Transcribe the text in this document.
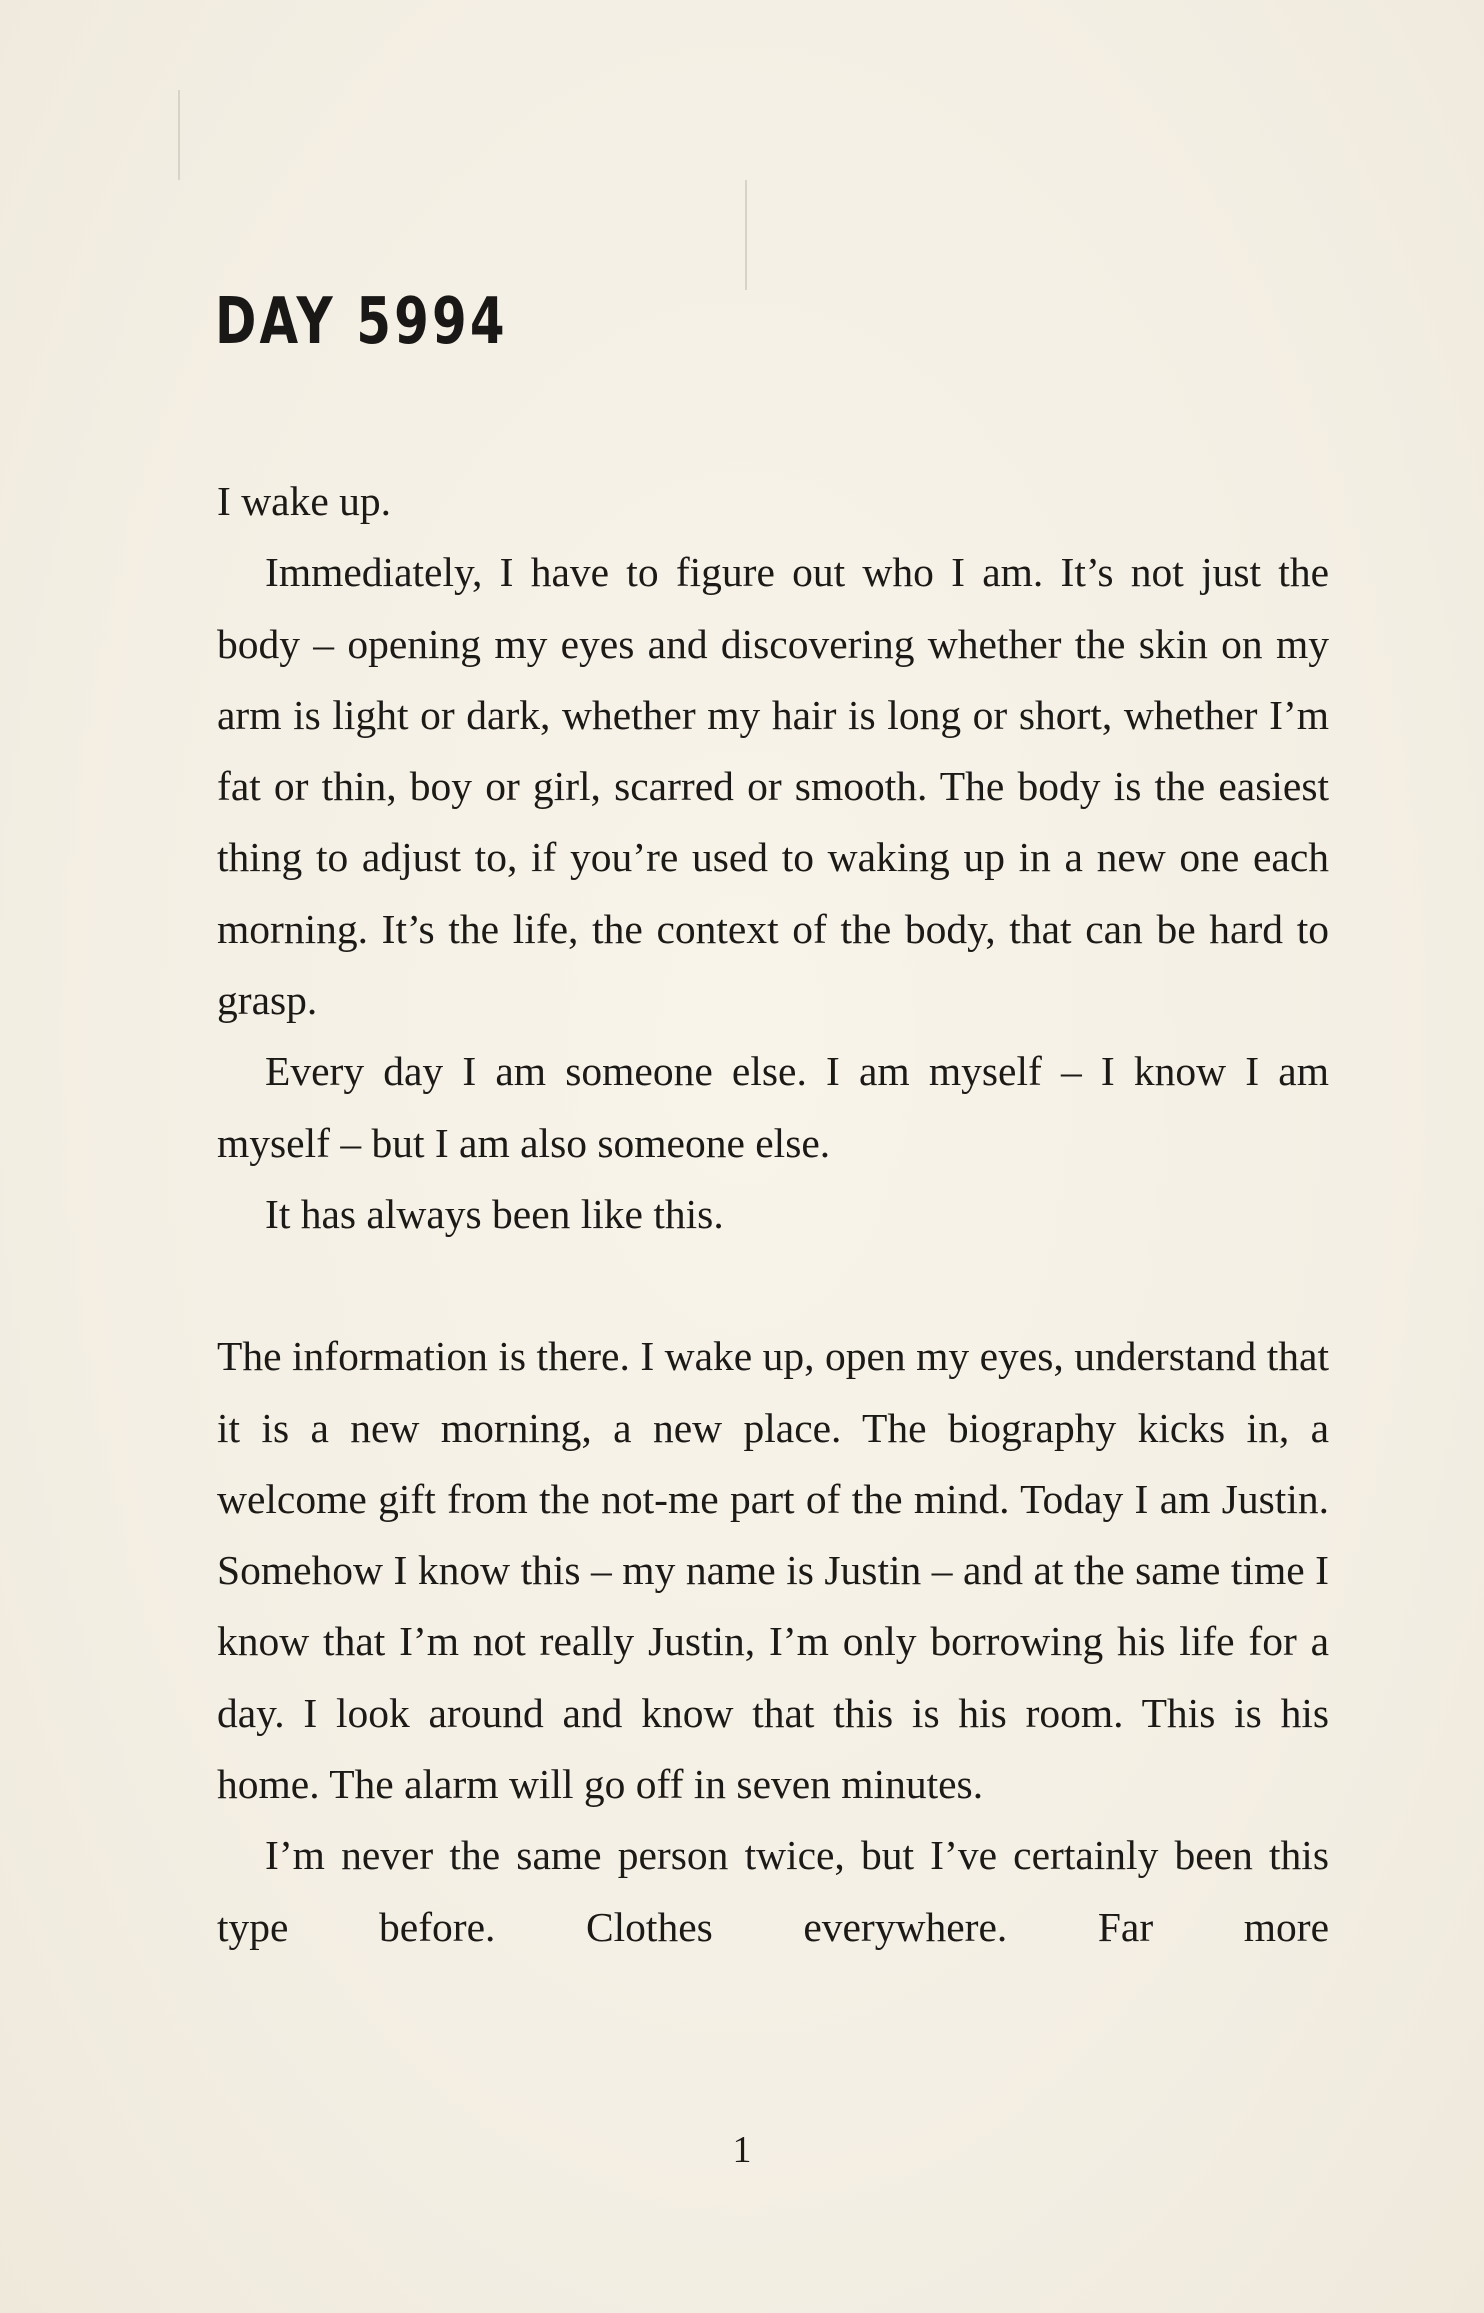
DAY 5994

I wake up.

Immediately, I have to figure out who I am. It’s not just the body – opening my eyes and discovering whether the skin on my arm is light or dark, whether my hair is long or short, whether I’m fat or thin, boy or girl, scarred or smooth. The body is the easiest thing to adjust to, if you’re used to waking up in a new one each morning. It’s the life, the context of the body, that can be hard to grasp.

Every day I am someone else. I am myself – I know I am myself – but I am also someone else.

It has always been like this.

The information is there. I wake up, open my eyes, understand that it is a new morning, a new place. The biography kicks in, a welcome gift from the not-me part of the mind. Today I am Justin. Somehow I know this – my name is Justin – and at the same time I know that I’m not really Justin, I’m only borrowing his life for a day. I look around and know that this is his room. This is his home. The alarm will go off in seven minutes.

I’m never the same person twice, but I’ve certainly been this type before. Clothes everywhere. Far more

1
